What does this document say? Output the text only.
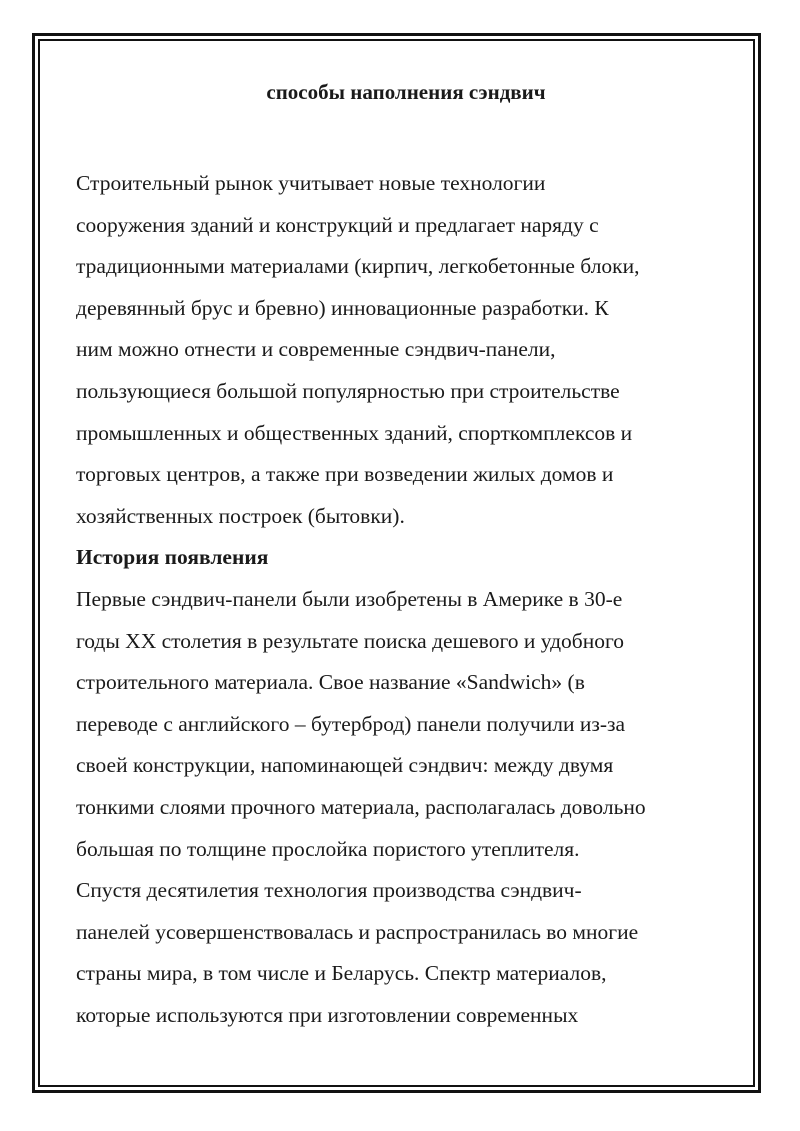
способы наполнения сэндвич
Строительный рынок учитывает новые технологии
сооружения зданий и конструкций и предлагает наряду с
традиционными материалами (кирпич, легкобетонные блоки,
деревянный брус и бревно) инновационные разработки. К
ним можно отнести и современные сэндвич-панели,
пользующиеся большой популярностью при строительстве
промышленных и общественных зданий, спорткомплексов и
торговых центров, а также при возведении жилых домов и
хозяйственных построек (бытовки).
История появления
Первые сэндвич-панели были изобретены в Америке в 30-е
годы XX столетия в результате поиска дешевого и удобного
строительного материала. Свое название «Sandwich» (в
переводе с английского – бутерброд) панели получили из-за
своей конструкции, напоминающей сэндвич: между двумя
тонкими слоями прочного материала, располагалась довольно
большая по толщине прослойка пористого утеплителя.
Спустя десятилетия технология производства сэндвич-
панелей усовершенствовалась и распространилась во многие
страны мира, в том числе и Беларусь. Спектр материалов,
которые используются при изготовлении современных
